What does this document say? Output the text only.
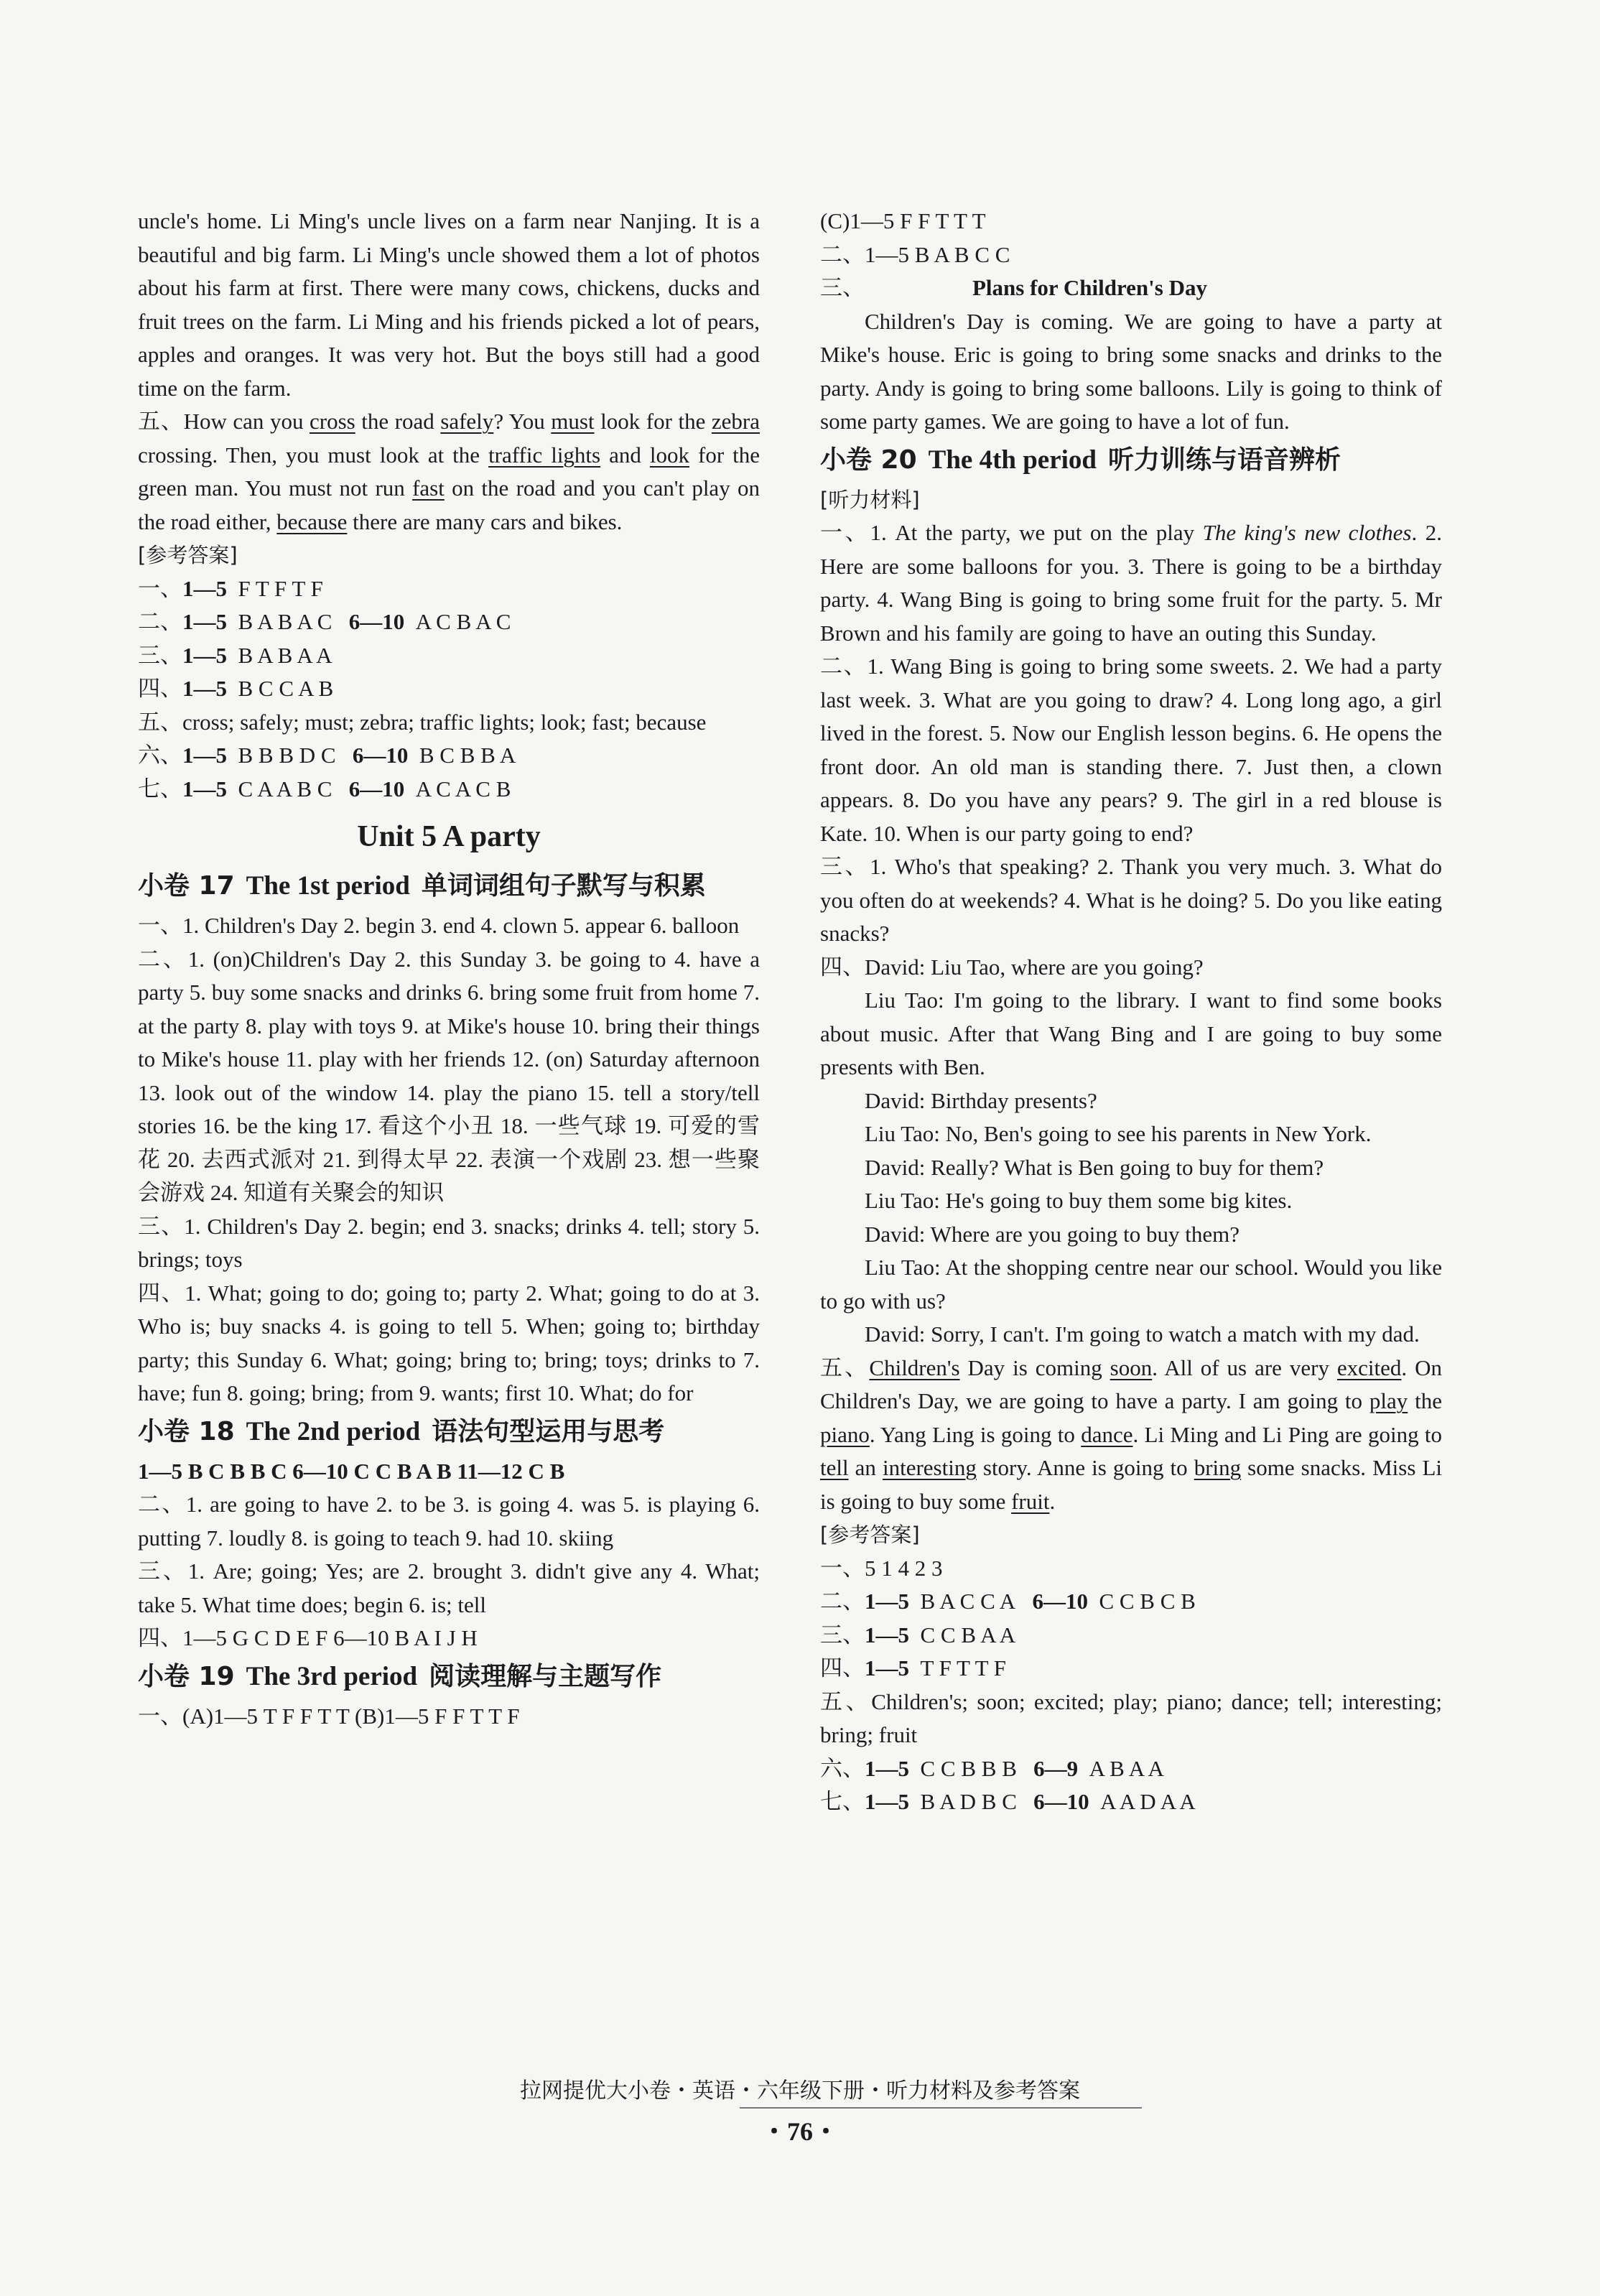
uncle's home. Li Ming's uncle lives on a farm near Nanjing. It is a beautiful and big farm. Li Ming's uncle showed them a lot of photos about his farm at first. There were many cows, chickens, ducks and fruit trees on the farm. Li Ming and his friends picked a lot of pears, apples and oranges. It was very hot. But the boys still had a good time on the farm.

五、How can you cross the road safely? You must look for the zebra crossing. Then, you must look at the traffic lights and look for the green man. You must not run fast on the road and you can't play on the road either, because there are many cars and bikes.

[参考答案]

一、1—5 F T F T F

二、1—5 B A B A C 6—10 A C B A C

三、1—5 B A B A A

四、1—5 B C C A B

五、cross; safely; must; zebra; traffic lights; look; fast; because

六、1—5 B B B D C 6—10 B C B B A

七、1—5 C A A B C 6—10 A C A C B

Unit 5 A party
小卷 17 The 1st period 单词词组句子默写与积累

一、1. Children's Day 2. begin 3. end 4. clown 5. appear 6. balloon

二、1. (on)Children's Day 2. this Sunday 3. be going to 4. have a party 5. buy some snacks and drinks 6. bring some fruit from home 7. at the party 8. play with toys 9. at Mike's house 10. bring their things to Mike's house 11. play with her friends 12. (on) Saturday afternoon 13. look out of the window 14. play the piano 15. tell a story/tell stories 16. be the king 17. 看这个小丑 18. 一些气球 19. 可爱的雪花 20. 去西式派对 21. 到得太早 22. 表演一个戏剧 23. 想一些聚会游戏 24. 知道有关聚会的知识

三、1. Children's Day 2. begin; end 3. snacks; drinks 4. tell; story 5. brings; toys

四、1. What; going to do; going to; party 2. What; going to do at 3. Who is; buy snacks 4. is going to tell 5. When; going to; birthday party; this Sunday 6. What; going; bring to; bring; toys; drinks to 7. have; fun 8. going; bring; from 9. wants; first 10. What; do for

小卷 18 The 2nd period 语法句型运用与思考

1—5 B C B B C 6—10 C C B A B 11—12 C B

二、1. are going to have 2. to be 3. is going 4. was 5. is playing 6. putting 7. loudly 8. is going to teach 9. had 10. skiing

三、1. Are; going; Yes; are 2. brought 3. didn't give any 4. What; take 5. What time does; begin 6. is; tell

四、1—5 G C D E F 6—10 B A I J H

小卷 19 The 3rd period 阅读理解与主题写作

一、(A)1—5 T F F T T (B)1—5 F F T T F

(C)1—5 F F T T T

二、1—5 B A B C C

三、	Plans for Children's Day

Children's Day is coming. We are going to have a party at Mike's house. Eric is going to bring some snacks and drinks to the party. Andy is going to bring some balloons. Lily is going to think of some party games. We are going to have a lot of fun.

小卷 20 The 4th period 听力训练与语音辨析

[听力材料]

一、1. At the party, we put on the play The king's new clothes. 2. Here are some balloons for you. 3. There is going to be a birthday party. 4. Wang Bing is going to bring some fruit for the party. 5. Mr Brown and his family are going to have an outing this Sunday.

二、1. Wang Bing is going to bring some sweets. 2. We had a party last week. 3. What are you going to draw? 4. Long long ago, a girl lived in the forest. 5. Now our English lesson begins. 6. He opens the front door. An old man is standing there. 7. Just then, a clown appears. 8. Do you have any pears? 9. The girl in a red blouse is Kate. 10. When is our party going to end?

三、1. Who's that speaking? 2. Thank you very much. 3. What do you often do at weekends? 4. What is he doing? 5. Do you like eating snacks?

四、David: Liu Tao, where are you going?

Liu Tao: I'm going to the library. I want to find some books about music. After that Wang Bing and I are going to buy some presents with Ben.

David: Birthday presents?

Liu Tao: No, Ben's going to see his parents in New York.

David: Really? What is Ben going to buy for them?

Liu Tao: He's going to buy them some big kites.

David: Where are you going to buy them?

Liu Tao: At the shopping centre near our school. Would you like to go with us?

David: Sorry, I can't. I'm going to watch a match with my dad.

五、Children's Day is coming soon. All of us are very excited. On Children's Day, we are going to have a party. I am going to play the piano. Yang Ling is going to dance. Li Ming and Li Ping are going to tell an interesting story. Anne is going to bring some snacks. Miss Li is going to buy some fruit.

[参考答案]

一、5 1 4 2 3

二、1—5 B A C C A 6—10 C C B C B

三、1—5 C C B A A

四、1—5 T F T T F

五、Children's; soon; excited; play; piano; dance; tell; interesting; bring; fruit

六、1—5 C C B B B 6—9 A B A A

七、1—5 B A D B C 6—10 A A D A A

拉网提优大小卷・英语・六年级下册・听力材料及参考答案
・76・
